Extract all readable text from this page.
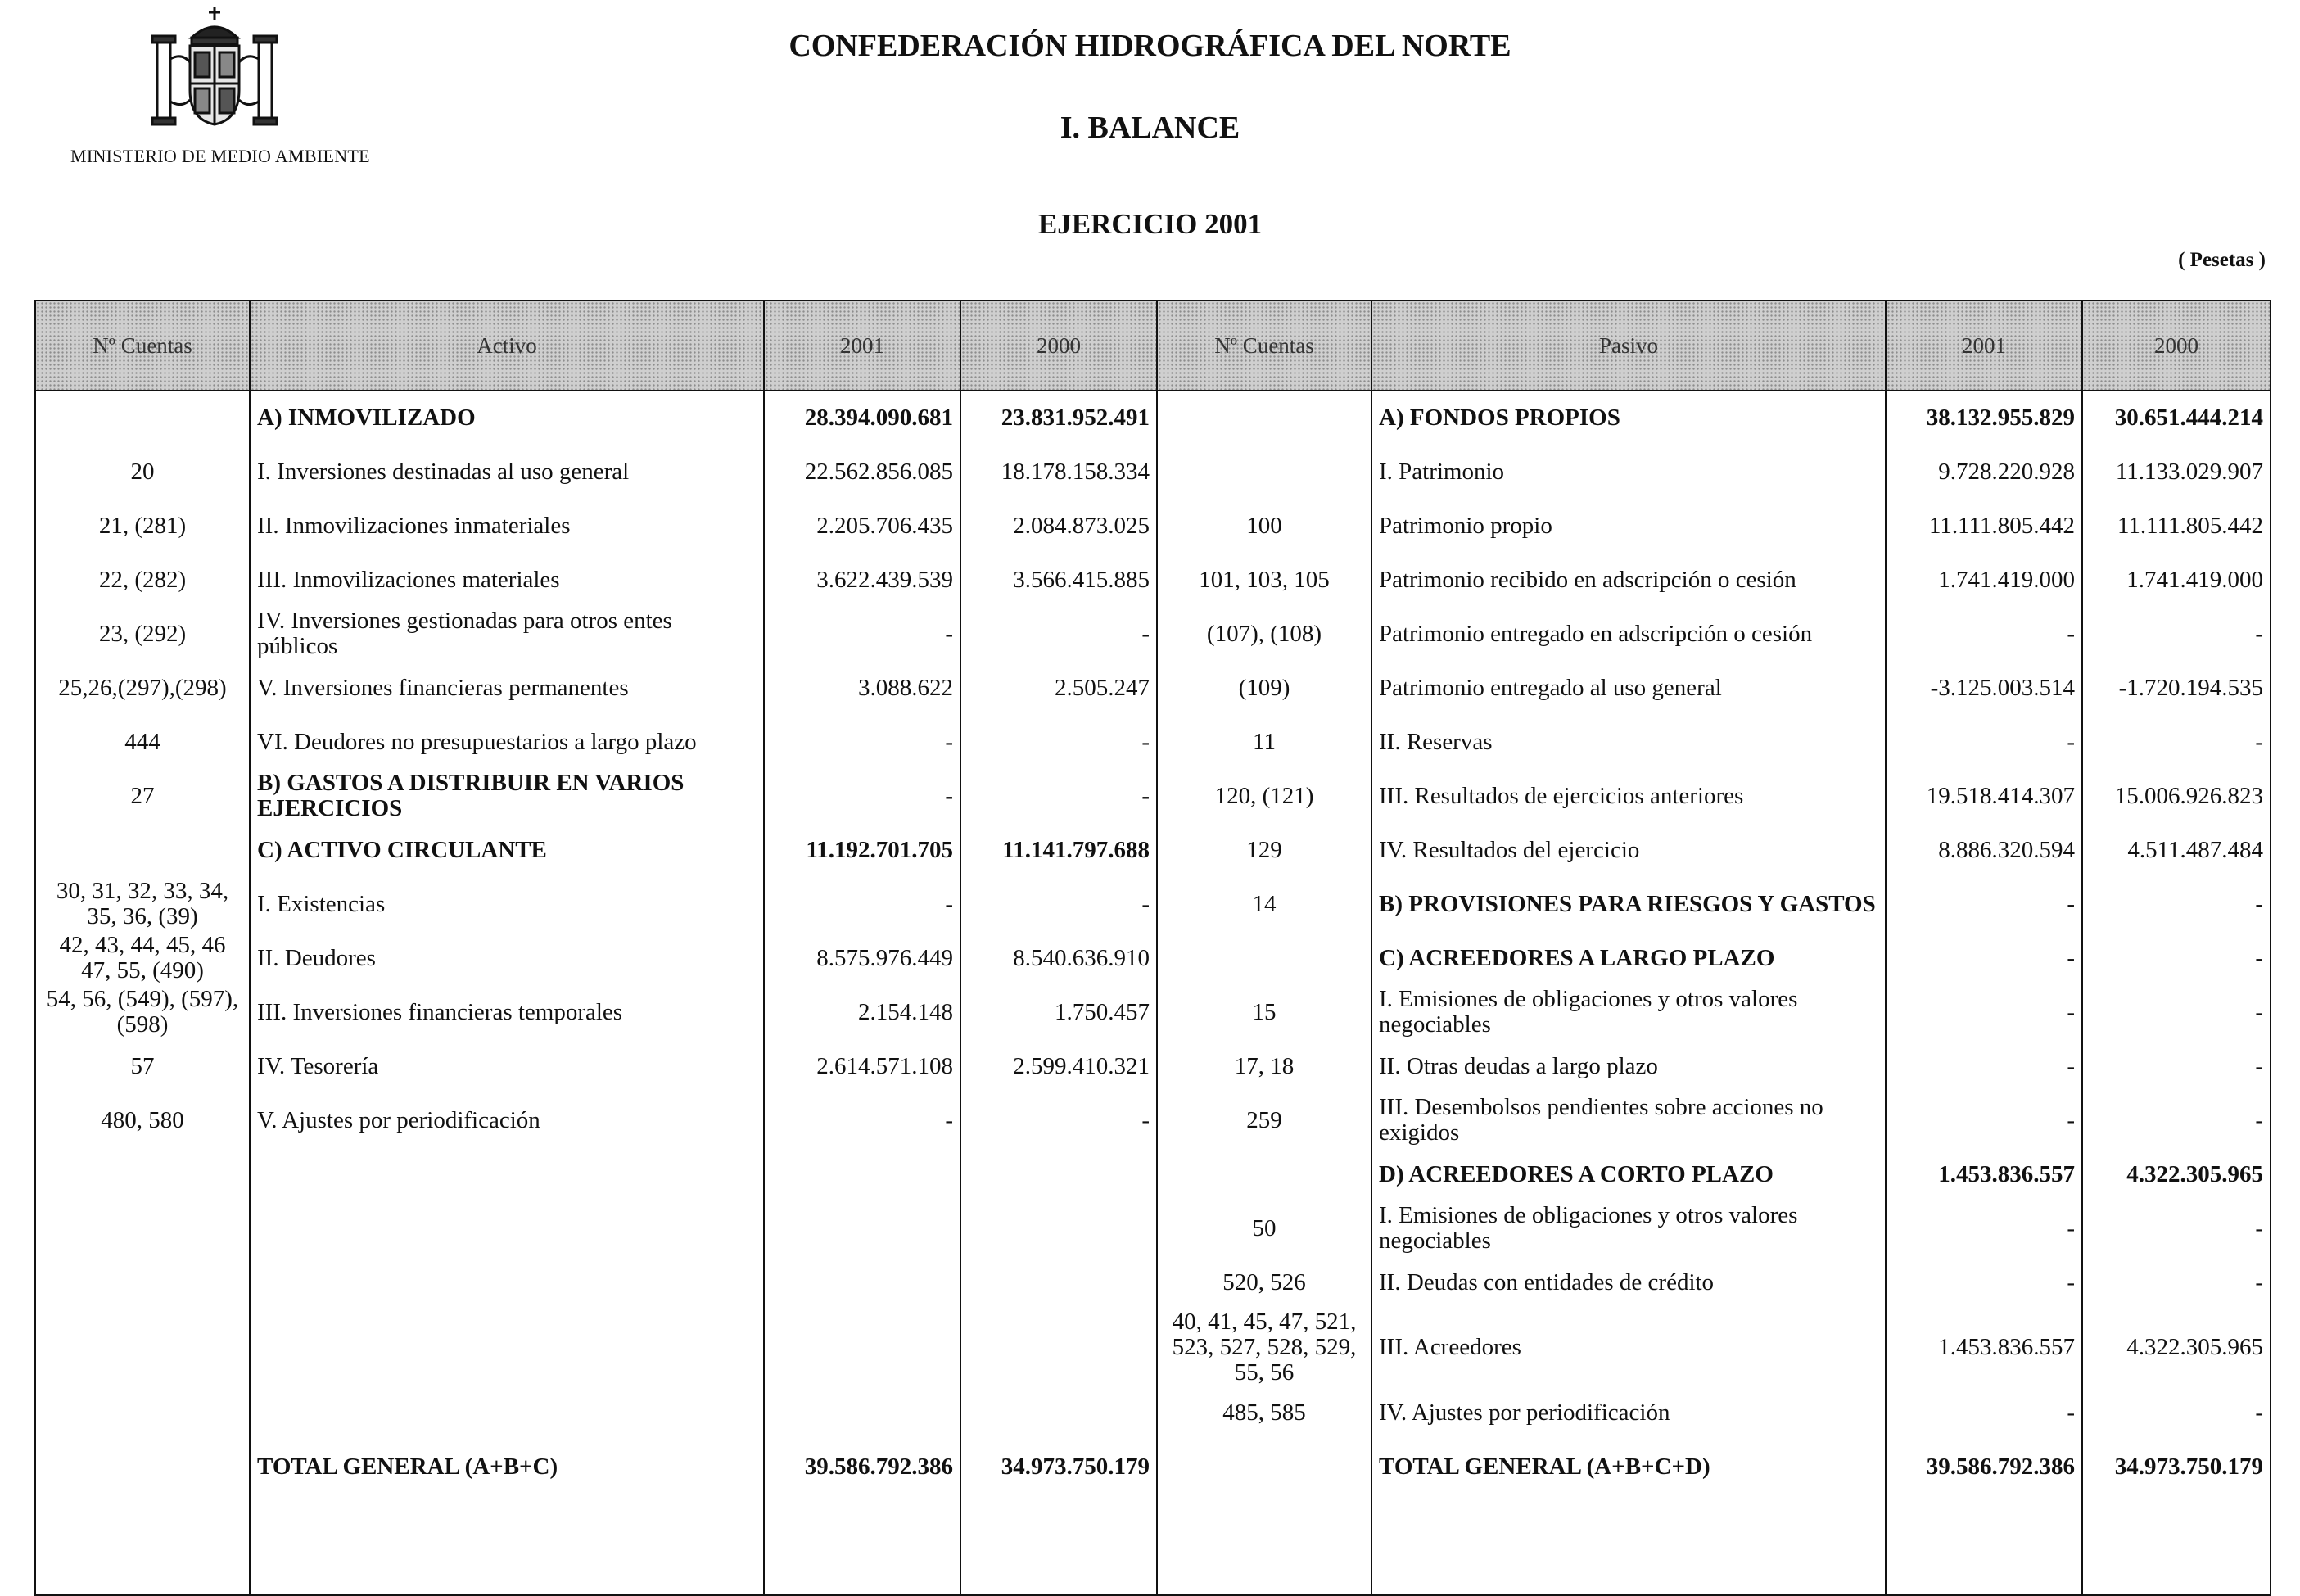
MINISTERIO DE MEDIO AMBIENTE
CONFEDERACIÓN HIDROGRÁFICA DEL NORTE
I. BALANCE
EJERCICIO 2001
( Pesetas )
Nº Cuentas	Activo	2001	2000	Nº Cuentas	Pasivo	2001	2000
	A) INMOVILIZADO	28.394.090.681	23.831.952.491		A) FONDOS PROPIOS	38.132.955.829	30.651.444.214
20	I. Inversiones destinadas al uso general	22.562.856.085	18.178.158.334		I. Patrimonio	9.728.220.928	11.133.029.907
21, (281)	II. Inmovilizaciones inmateriales	2.205.706.435	2.084.873.025	100	Patrimonio propio	11.111.805.442	11.111.805.442
22, (282)	III. Inmovilizaciones materiales	3.622.439.539	3.566.415.885	101, 103, 105	Patrimonio recibido en adscripción o cesión	1.741.419.000	1.741.419.000
23, (292)	IV. Inversiones gestionadas para otros entes públicos	-	-	(107), (108)	Patrimonio entregado en adscripción o cesión	-	-
25,26,(297),(298)	V. Inversiones financieras permanentes	3.088.622	2.505.247	(109)	Patrimonio entregado al uso general	-3.125.003.514	-1.720.194.535
444	VI. Deudores no presupuestarios a largo plazo	-	-	11	II. Reservas	-	-
27	B) GASTOS A DISTRIBUIR EN VARIOS EJERCICIOS	-	-	120, (121)	III. Resultados de ejercicios anteriores	19.518.414.307	15.006.926.823
	C) ACTIVO CIRCULANTE	11.192.701.705	11.141.797.688	129	IV. Resultados del ejercicio	8.886.320.594	4.511.487.484
30, 31, 32, 33, 34, 35, 36, (39)	I. Existencias	-	-	14	B) PROVISIONES PARA RIESGOS Y GASTOS	-	-
42, 43, 44, 45, 46 47, 55, (490)	II. Deudores	8.575.976.449	8.540.636.910		C) ACREEDORES A LARGO PLAZO	-	-
54, 56, (549), (597), (598)	III. Inversiones financieras temporales	2.154.148	1.750.457	15	I. Emisiones de obligaciones y otros valores negociables	-	-
57	IV. Tesorería	2.614.571.108	2.599.410.321	17, 18	II. Otras deudas a largo plazo	-	-
480, 580	V. Ajustes por periodificación	-	-	259	III. Desembolsos pendientes sobre acciones no exigidos	-	-
					D) ACREEDORES A CORTO PLAZO	1.453.836.557	4.322.305.965
				50	I. Emisiones de obligaciones y otros valores negociables	-	-
				520, 526	II. Deudas con entidades de crédito	-	-
				40, 41, 45, 47, 521, 523, 527, 528, 529, 55, 56	III. Acreedores	1.453.836.557	4.322.305.965
				485, 585	IV. Ajustes por periodificación	-	-
	TOTAL GENERAL (A+B+C)	39.586.792.386	34.973.750.179		TOTAL GENERAL (A+B+C+D)	39.586.792.386	34.973.750.179
